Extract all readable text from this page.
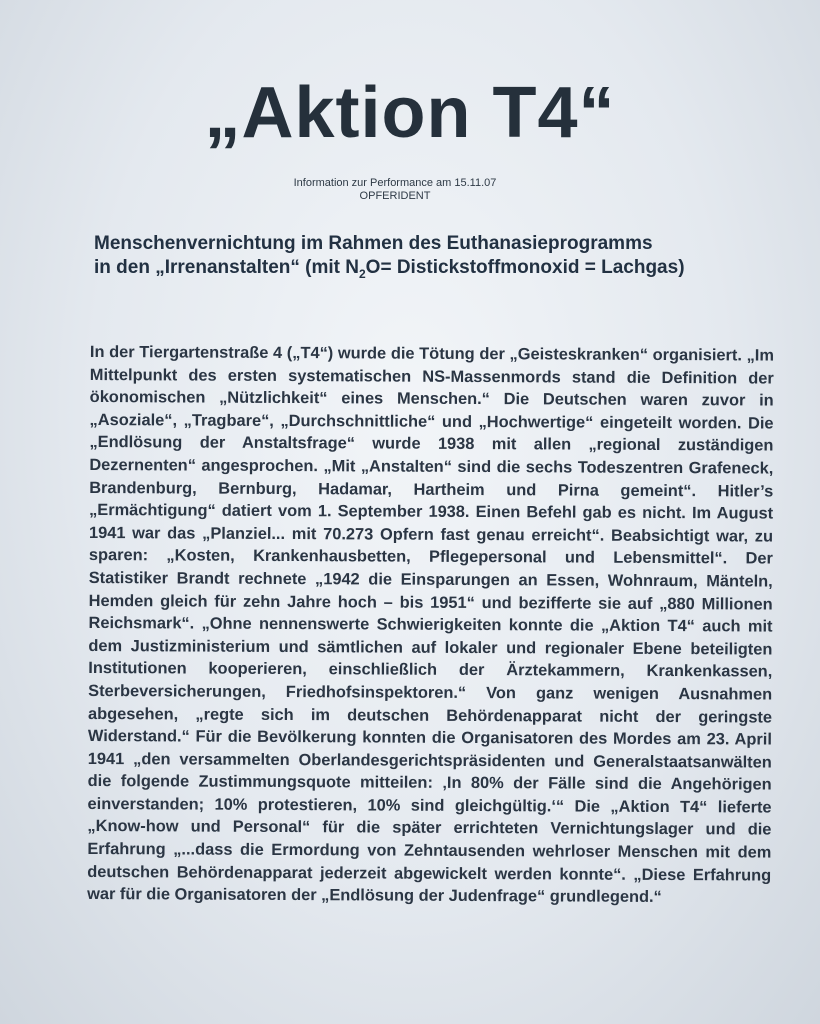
„Aktion T4“
Information zur Performance am 15.11.07
OPFERIDENT
Menschenvernichtung im Rahmen des Euthanasieprogramms
in den „Irrenanstalten“ (mit $N_2O=$ Distickstoffmonoxid = Lachgas)

In der Tiergartenstraße 4 („T4“) wurde die Tötung der „Geisteskranken“ organisiert. „Im Mittelpunkt des ersten systematischen NS-Massenmords stand die Definition der ökonomischen „Nützlichkeit“ eines Menschen.“ Die Deutschen waren zuvor in „Asoziale“, „Tragbare“, „Durchschnittliche“ und „Hochwertige“ eingeteilt worden. Die „Endlösung der Anstaltsfrage“ wurde 1938 mit allen „regional zuständigen Dezernenten“ angesprochen. „Mit „Anstalten“ sind die sechs Todeszentren Grafeneck, Brandenburg, Bernburg, Hadamar, Hartheim und Pirna gemeint“. Hitler’s „Ermächtigung“ datiert vom 1. September 1938. Einen Befehl gab es nicht. Im August 1941 war das „Planziel... mit 70.273 Opfern fast genau erreicht“. Beabsichtigt war, zu sparen: „Kosten, Krankenhausbetten, Pflegepersonal und Lebensmittel“. Der Statistiker Brandt rechnete „1942 die Einsparungen an Essen, Wohnraum, Mänteln, Hemden gleich für zehn Jahre hoch – bis 1951“ und bezifferte sie auf „880 Millionen Reichsmark“. „Ohne nennenswerte Schwierigkeiten konnte die „Aktion T4“ auch mit dem Justizministerium und sämtlichen auf lokaler und regionaler Ebene beteiligten Institutionen kooperieren, einschließlich der Ärztekammern, Krankenkassen, Sterbeversicherungen, Friedhofsinspektoren.“ Von ganz wenigen Ausnahmen abgesehen, „regte sich im deutschen Behördenapparat nicht der geringste Widerstand.“ Für die Bevölkerung konnten die Organisatoren des Mordes am 23. April 1941 „den versammelten Oberlandesgerichtspräsidenten und Generalstaatsanwälten die folgende Zustimmungsquote mitteilen: ‚In 80% der Fälle sind die Angehörigen einverstanden; 10% protestieren, 10% sind gleichgültig.‘“ Die „Aktion T4“ lieferte „Know-how und Personal“ für die später errichteten Vernichtungslager und die Erfahrung „...dass die Ermordung von Zehntausenden wehrloser Menschen mit dem deutschen Behördenapparat jederzeit abgewickelt werden konnte“. „Diese Erfahrung war für die Organisatoren der „Endlösung der Judenfrage“ grundlegend.“
